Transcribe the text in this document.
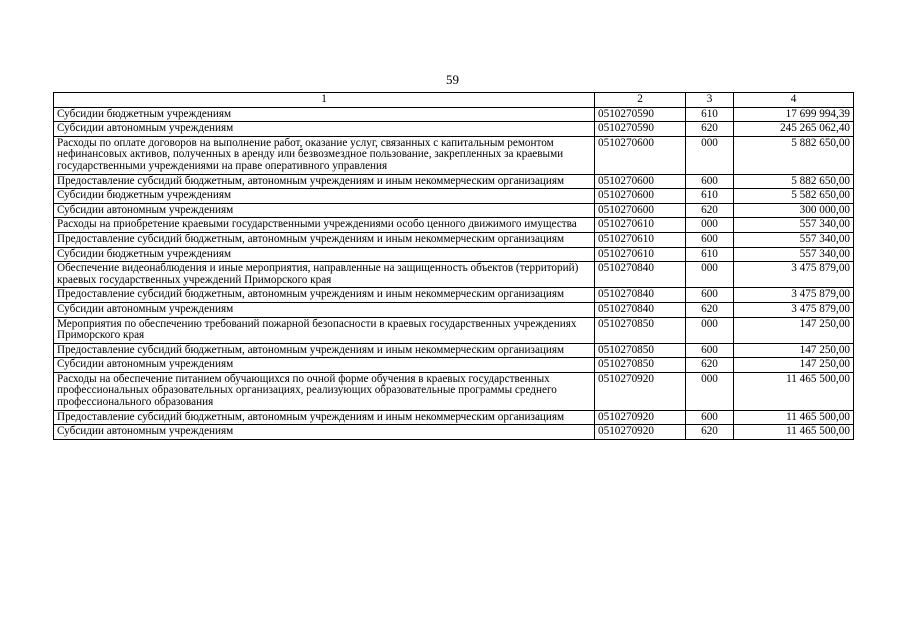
59
1	2	3	4
Субсидии бюджетным учреждениям	0510270590	610	17 699 994,39
Субсидии автономным учреждениям	0510270590	620	245 265 062,40
Расходы по оплате договоров на выполнение работ, оказание услуг, связанных с капитальным ремонтом нефинансовых активов, полученных в аренду или безвозмездное пользование, закрепленных за краевыми государственными учреждениями на праве оперативного управления	0510270600	000	5 882 650,00
Предоставление субсидий бюджетным, автономным учреждениям и иным некоммерческим организациям	0510270600	600	5 882 650,00
Субсидии бюджетным учреждениям	0510270600	610	5 582 650,00
Субсидии автономным учреждениям	0510270600	620	300 000,00
Расходы на приобретение краевыми государственными учреждениями особо ценного движимого имущества	0510270610	000	557 340,00
Предоставление субсидий бюджетным, автономным учреждениям и иным некоммерческим организациям	0510270610	600	557 340,00
Субсидии бюджетным учреждениям	0510270610	610	557 340,00
Обеспечение видеонаблюдения и иные мероприятия, направленные на защищенность объектов (территорий) краевых государственных учреждений Приморского края	0510270840	000	3 475 879,00
Предоставление субсидий бюджетным, автономным учреждениям и иным некоммерческим организациям	0510270840	600	3 475 879,00
Субсидии автономным учреждениям	0510270840	620	3 475 879,00
Мероприятия по обеспечению требований пожарной безопасности в краевых государственных учреждениях Приморского края	0510270850	000	147 250,00
Предоставление субсидий бюджетным, автономным учреждениям и иным некоммерческим организациям	0510270850	600	147 250,00
Субсидии автономным учреждениям	0510270850	620	147 250,00
Расходы на обеспечение питанием обучающихся по очной форме обучения в краевых государственных профессиональных образовательных организациях, реализующих образовательные программы среднего профессионального образования	0510270920	000	11 465 500,00
Предоставление субсидий бюджетным, автономным учреждениям и иным некоммерческим организациям	0510270920	600	11 465 500,00
Субсидии автономным учреждениям	0510270920	620	11 465 500,00
